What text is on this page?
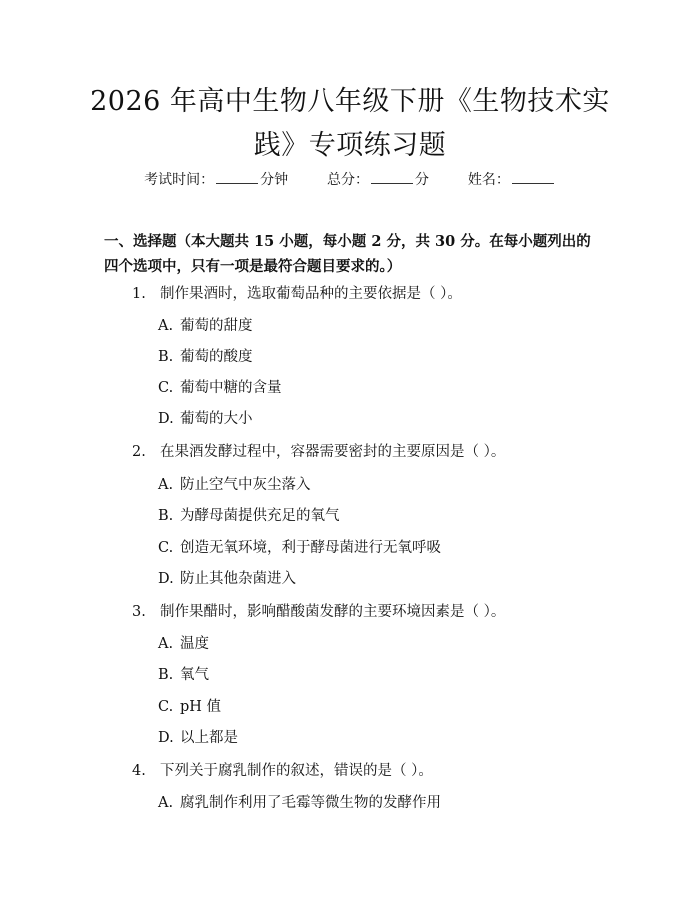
2026 年高中生物八年级下册《生物技术实
践》专项练习题
考试时间：	分钟	总分：	分	姓名：
一、选择题（本大题共 15 小题，每小题 2 分，共 30 分。在每小题列出的四个选项中，只有一项是最符合题目要求的。）
1. 制作果酒时，选取葡萄品种的主要依据是（ ）。
A. 葡萄的甜度
B. 葡萄的酸度
C. 葡萄中糖的含量
D. 葡萄的大小
2. 在果酒发酵过程中，容器需要密封的主要原因是（ ）。
A. 防止空气中灰尘落入
B. 为酵母菌提供充足的氧气
C. 创造无氧环境，利于酵母菌进行无氧呼吸
D. 防止其他杂菌进入
3. 制作果醋时，影响醋酸菌发酵的主要环境因素是（ ）。
A. 温度
B. 氧气
C. pH 值
D. 以上都是
4. 下列关于腐乳制作的叙述，错误的是（ ）。
A. 腐乳制作利用了毛霉等微生物的发酵作用
